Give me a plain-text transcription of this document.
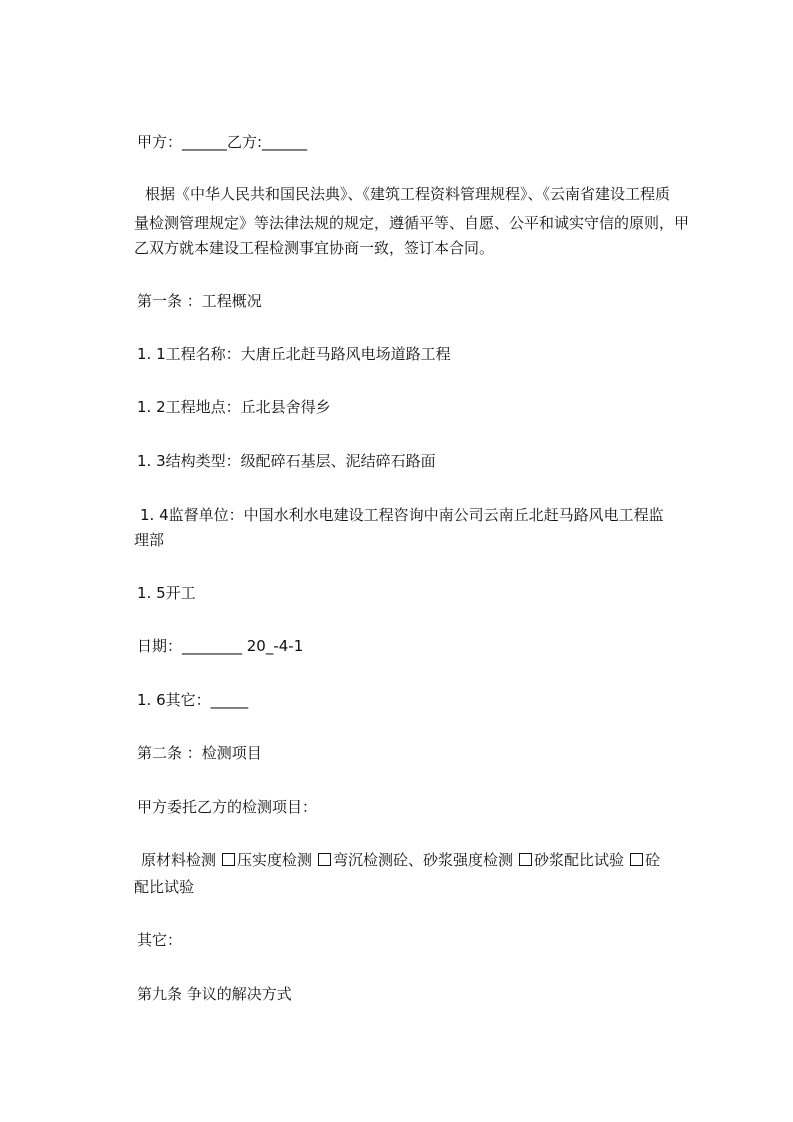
甲方：______乙方:______
根据《中华人民共和国民法典》、《建筑工程资料管理规程》、《云南省建设工程质
量检测管理规定》等法律法规的规定，遵循平等、自愿、公平和诚实守信的原则，甲
乙双方就本建设工程检测事宜协商一致，签订本合同。
第一条 ：工程概况
1. 1工程名称：大唐丘北赶马路风电场道路工程
1. 2工程地点：丘北县舍得乡
1. 3结构类型：级配碎石基层、泥结碎石路面
1. 4监督单位：中国水利水电建设工程咨询中南公司云南丘北赶马路风电工程监
理部
1. 5开工
日期：________ 20_-4-1
1. 6其它：_____
第二条 ：检测项目
甲方委托乙方的检测项目：
原材料检测 压实度检测 弯沉检测砼、砂浆强度检测 砂浆配比试验 砼
配比试验
其它：
第九条 争议的解决方式
